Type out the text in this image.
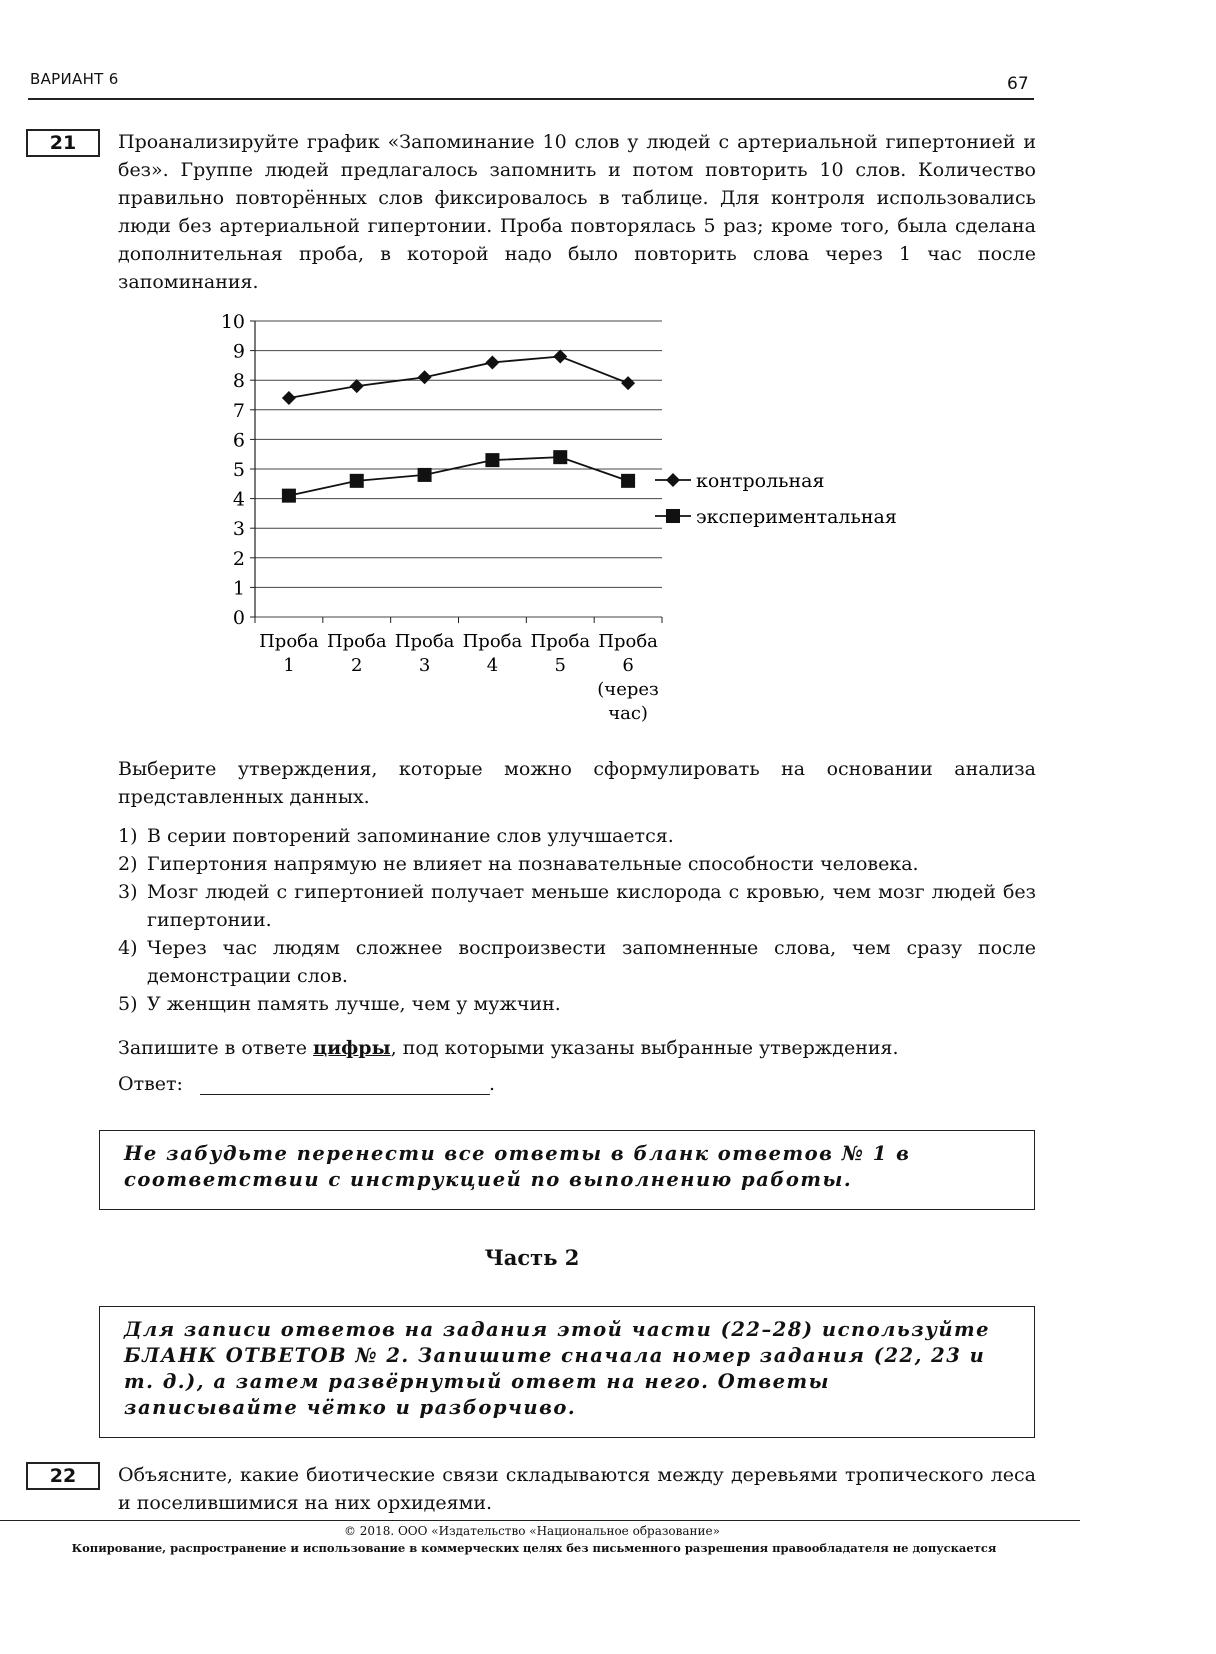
ВАРИАНТ 6	67
21	Проанализируйте график «Запоминание 10 слов у людей с артериальной гипертонией и без». Группе людей предлагалось запомнить и потом повторить 10 слов. Количество правильно повторённых слов фиксировалось в таблице. Для контроля использовались люди без артериальной гипертонии. Проба повторялась 5 раз; кроме того, была сделана дополнительная проба, в которой надо было повторить слова через 1 час после запоминания.
0
1
2
3
4
5
6
7
8
9
10
Проба
1
Проба
2
Проба
3
Проба
4
Проба
5
Проба
6
(через
час)
контрольная
экспериментальная
Выберите утверждения, которые можно сформулировать на основании анализа представленных данных.
1) В серии повторений запоминание слов улучшается.
2) Гипертония напрямую не влияет на познавательные способности человека.
3) Мозг людей с гипертонией получает меньше кислорода с кровью, чем мозг людей без гипертонии.
4) Через час людям сложнее воспроизвести запомненные слова, чем сразу после демонстрации слов.
5) У женщин память лучше, чем у мужчин.
Запишите в ответе цифры, под которыми указаны выбранные утверждения.
Ответ:	.
Не забудьте перенести все ответы в бланк ответов № 1 в соответствии с инструкцией по выполнению работы.
Часть 2
Для записи ответов на задания этой части (22–28) используйте БЛАНК ОТВЕТОВ № 2. Запишите сначала номер задания (22, 23 и т. д.), а затем развёрнутый ответ на него. Ответы записывайте чётко и разборчиво.
22	Объясните, какие биотические связи складываются между деревьями тропического леса и поселившимися на них орхидеями.
© 2018. ООО «Издательство «Национальное образование»
Копирование, распространение и использование в коммерческих целях без письменного разрешения правообладателя не допускается
